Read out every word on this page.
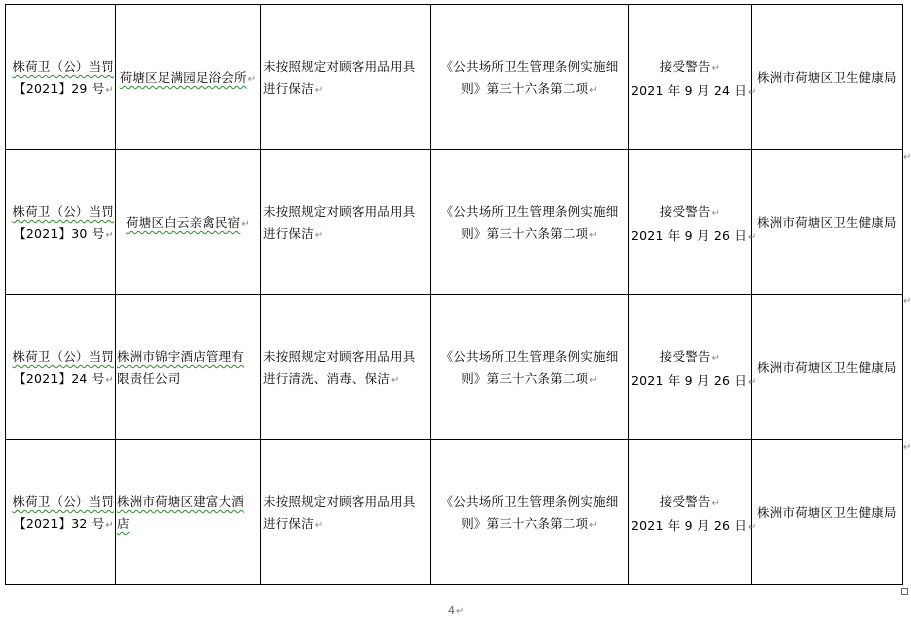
株荷卫（公）当罚
【2021】29 号↵	荷塘区足满园足浴会所↵	未按照规定对顾客用品用具
进行保洁↵	《公共场所卫生管理条例实施细
则》第三十六条第二项↵	接受警告↵
2021 年 9 月 24 日↵	株洲市荷塘区卫生健康局

株荷卫（公）当罚
【2021】30 号↵	荷塘区白云亲禽民宿↵	未按照规定对顾客用品用具
进行保洁↵	《公共场所卫生管理条例实施细
则》第三十六条第二项↵	接受警告↵
2021 年 9 月 26 日↵	株洲市荷塘区卫生健康局

株荷卫（公）当罚
【2021】24 号↵	株洲市锦宇酒店管理有
限责任公司	未按照规定对顾客用品用具
进行清洗、消毒、保洁↵	《公共场所卫生管理条例实施细
则》第三十六条第二项↵	接受警告↵
2021 年 9 月 26 日↵	株洲市荷塘区卫生健康局

株荷卫（公）当罚
【2021】32 号↵	株洲市荷塘区建富大酒
店	未按照规定对顾客用品用具
进行保洁↵	《公共场所卫生管理条例实施细
则》第三十六条第二项↵	接受警告↵
2021 年 9 月 26 日↵	株洲市荷塘区卫生健康局
↵
↵
↵
4↵
